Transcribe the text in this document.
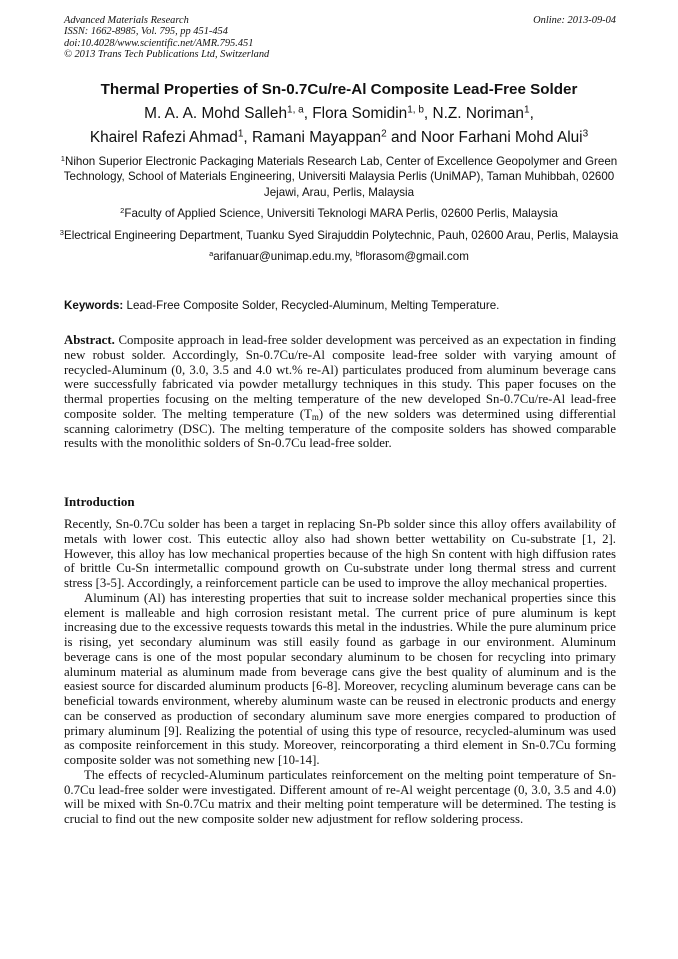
Advanced Materials Research
ISSN: 1662-8985, Vol. 795, pp 451-454
doi:10.4028/www.scientific.net/AMR.795.451
© 2013 Trans Tech Publications Ltd, Switzerland
Online: 2013-09-04
Thermal Properties of Sn-0.7Cu/re-Al Composite Lead-Free Solder
M. A. A. Mohd Salleh$^{1, a}$, Flora Somidin$^{1, b}$, N.Z. Noriman$^1$,
Khairel Rafezi Ahmad$^1$, Ramani Mayappan$^2$ and Noor Farhani Mohd Alui$^3$
$^1$Nihon Superior Electronic Packaging Materials Research Lab, Center of Excellence Geopolymer and Green Technology, School of Materials Engineering, Universiti Malaysia Perlis (UniMAP), Taman Muhibbah, 02600 Jejawi, Arau, Perlis, Malaysia
$^2$Faculty of Applied Science, Universiti Teknologi MARA Perlis, 02600 Perlis, Malaysia
$^3$Electrical Engineering Department, Tuanku Syed Sirajuddin Polytechnic, Pauh, 02600 Arau, Perlis, Malaysia
$^a$arifanuar@unimap.edu.my, $^b$florasom@gmail.com
Keywords: Lead-Free Composite Solder, Recycled-Aluminum, Melting Temperature.
Abstract. Composite approach in lead-free solder development was perceived as an expectation in finding new robust solder. Accordingly, Sn-0.7Cu/re-Al composite lead-free solder with varying amount of recycled-Aluminum (0, 3.0, 3.5 and 4.0 wt.% re-Al) particulates produced from aluminum beverage cans were successfully fabricated via powder metallurgy techniques in this study. This paper focuses on the thermal properties focusing on the melting temperature of the new developed Sn-0.7Cu/re-Al lead-free composite solder. The melting temperature $(T_m)$ of the new solders was determined using differential scanning calorimetry (DSC). The melting temperature of the composite solders has showed comparable results with the monolithic solders of Sn-0.7Cu lead-free solder.
Introduction

Recently, Sn-0.7Cu solder has been a target in replacing Sn-Pb solder since this alloy offers availability of metals with lower cost. This eutectic alloy also had shown better wettability on Cu-substrate [1, 2]. However, this alloy has low mechanical properties because of the high Sn content with high diffusion rates of brittle Cu-Sn intermetallic compound growth on Cu-substrate under long thermal stress and current stress [3-5]. Accordingly, a reinforcement particle can be used to improve the alloy mechanical properties.

Aluminum (Al) has interesting properties that suit to increase solder mechanical properties since this element is malleable and high corrosion resistant metal. The current price of pure aluminum is kept increasing due to the excessive requests towards this metal in the industries. While the pure aluminum price is rising, yet secondary aluminum was still easily found as garbage in our environment. Aluminum beverage cans is one of the most popular secondary aluminum to be chosen for recycling into primary aluminum material as aluminum made from beverage cans give the best quality of aluminum and is the easiest source for discarded aluminum products [6-8]. Moreover, recycling aluminum beverage cans can be beneficial towards environment, whereby aluminum waste can be reused in electronic products and energy can be conserved as production of secondary aluminum save more energies compared to production of primary aluminum [9]. Realizing the potential of using this type of resource, recycled-aluminum was used as composite reinforcement in this study. Moreover, reincorporating a third element in Sn-0.7Cu forming composite solder was not something new [10-14].

The effects of recycled-Aluminum particulates reinforcement on the melting point temperature of Sn-0.7Cu lead-free solder were investigated. Different amount of re-Al weight percentage (0, 3.0, 3.5 and 4.0) will be mixed with Sn-0.7Cu matrix and their melting point temperature will be determined. The testing is crucial to find out the new composite solder new adjustment for reflow soldering process.
